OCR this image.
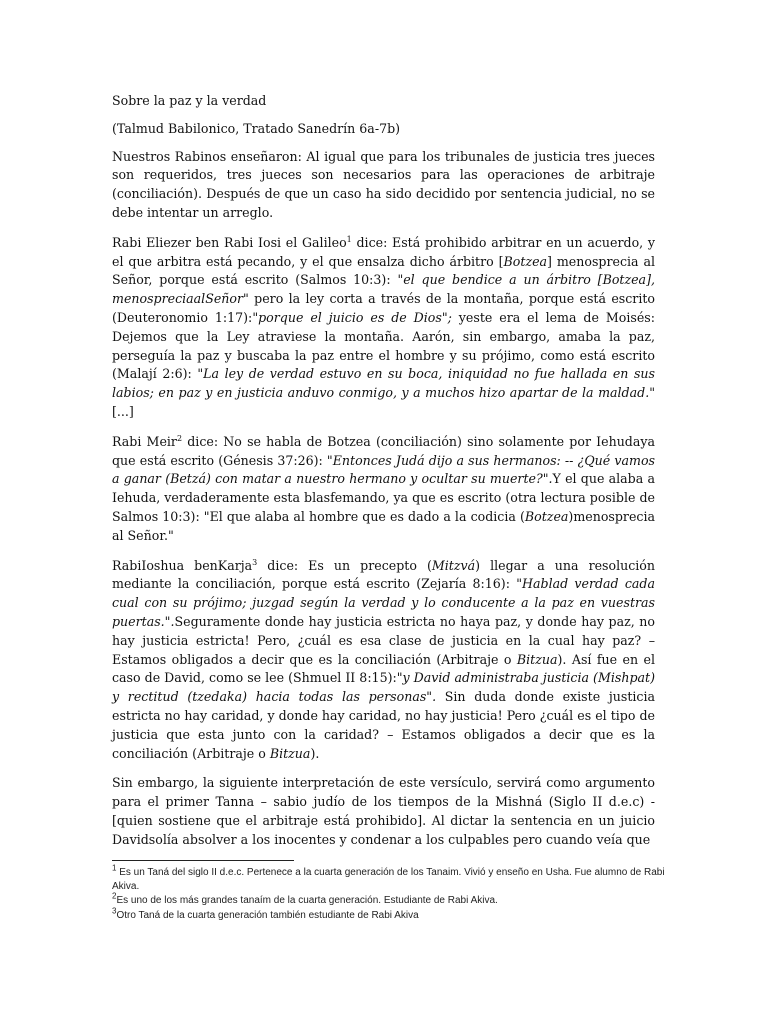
Sobre la paz y la verdad

(Talmud Babilonico, Tratado Sanedrín 6a-7b)

Nuestros Rabinos enseñaron: Al igual que para los tribunales de justicia tres jueces son requeridos, tres jueces son necesarios para las operaciones de arbitraje (conciliación). Después de que un caso ha sido decidido por sentencia judicial, no se debe intentar un arreglo.

Rabi Eliezer ben Rabi Iosi el Galileo$^1$ dice: Está prohibido arbitrar en un acuerdo, y el que arbitra está pecando, y el que ensalza dicho árbitro [Botzea] menosprecia al Señor, porque está escrito (Salmos 10:3): "el que bendice a un árbitro [Botzea], menospreciaalSeñor" pero la ley corta a través de la montaña, porque está escrito (Deuteronomio 1:17):"porque el juicio es de Dios"; yeste era el lema de Moisés: Dejemos que la Ley atraviese la montaña. Aarón, sin embargo, amaba la paz, perseguía la paz y buscaba la paz entre el hombre y su prójimo, como está escrito (Malají 2:6): "La ley de verdad estuvo en su boca, iniquidad no fue hallada en sus labios; en paz y en justicia anduvo conmigo, y a muchos hizo apartar de la maldad."[...]

Rabi Meir$^2$ dice: No se habla de Botzea (conciliación) sino solamente por Iehudaya que está escrito (Génesis 37:26): "Entonces Judá dijo a sus hermanos: -- ¿Qué vamos a ganar (Betzá) con matar a nuestro hermano y ocultar su muerte?".Y el que alaba a Iehuda, verdaderamente esta blasfemando, ya que es escrito (otra lectura posible de Salmos 10:3): "El que alaba al hombre que es dado a la codicia (Botzea)menosprecia al Señor."

RabiIoshua benKarja$^3$ dice: Es un precepto (Mitzvá) llegar a una resolución mediante la conciliación, porque está escrito (Zejaría 8:16): "Hablad verdad cada cual con su prójimo; juzgad según la verdad y lo conducente a la paz en vuestras puertas.".Seguramente donde hay justicia estricta no haya paz, y donde hay paz, no hay justicia estricta! Pero, ¿cuál es esa clase de justicia en la cual hay paz? –Estamos obligados a decir que es la conciliación (Arbitraje o Bitzua). Así fue en el caso de David, como se lee (Shmuel II 8:15):"y David administraba justicia (Mishpat) y rectitud (tzedaka) hacia todas las personas". Sin duda donde existe justicia estricta no hay caridad, y donde hay caridad, no hay justicia! Pero ¿cuál es el tipo de justicia que esta junto con la caridad? – Estamos obligados a decir que es la conciliación (Arbitraje o Bitzua).

Sin embargo, la siguiente interpretación de este versículo, servirá como argumento para el primer Tanna – sabio judío de los tiempos de la Mishná (Siglo II d.e.c) - [quien sostiene que el arbitraje está prohibido]. Al dictar la sentencia en un juicio Davidsolía absolver a los inocentes y condenar a los culpables pero cuando veía que

$^1$ Es un Taná del siglo II d.e.c. Pertenece a la cuarta generación de los Tanaim. Vivió y enseño en Usha. Fue alumno de Rabi Akiva.

$^2$Es uno de los más grandes tanaím de la cuarta generación. Estudiante de Rabi Akiva.

$^3$Otro Taná de la cuarta generación también estudiante de Rabi Akiva
